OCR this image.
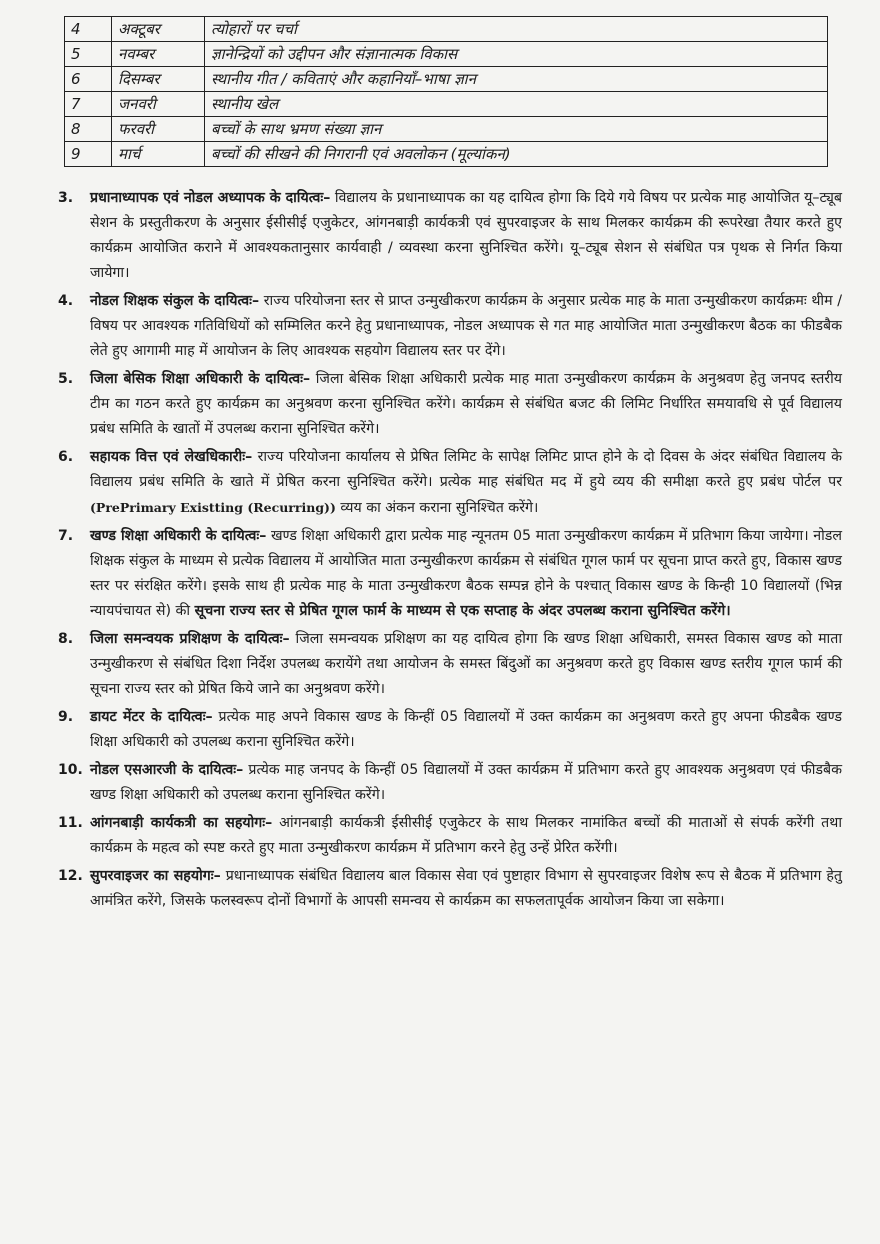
4	अक्टूबर	त्योहारों पर चर्चा
5	नवम्बर	ज्ञानेन्द्रियों को उद्दीपन और संज्ञानात्मक विकास
6	दिसम्बर	स्थानीय गीत / कविताएं और कहानियाँ–भाषा ज्ञान
7	जनवरी	स्थानीय खेल
8	फरवरी	बच्चों के साथ भ्रमण संख्या ज्ञान
9	मार्च	बच्चों की सीखने की निगरानी एवं अवलोकन (मूल्यांकन)
3. प्रधानाध्यापक एवं नोडल अध्यापक के दायित्वः– विद्यालय के प्रधानाध्यापक का यह दायित्व होगा कि दिये गये विषय पर प्रत्येक माह आयोजित यू–ट्यूब सेशन के प्रस्तुतीकरण के अनुसार ईसीसीई एजुकेटर, आंगनबाड़ी कार्यकत्री एवं सुपरवाइजर के साथ मिलकर कार्यक्रम की रूपरेखा तैयार करते हुए कार्यक्रम आयोजित कराने में आवश्यकतानुसार कार्यवाही / व्यवस्था करना सुनिश्चित करेंगे। यू–ट्यूब सेशन से संबंधित पत्र पृथक से निर्गत किया जायेगा।
4. नोडल शिक्षक संकुल के दायित्वः– राज्य परियोजना स्तर से प्राप्त उन्मुखीकरण कार्यक्रम के अनुसार प्रत्येक माह के माता उन्मुखीकरण कार्यक्रमः थीम / विषय पर आवश्यक गतिविधियों को सम्मिलित करने हेतु प्रधानाध्यापक, नोडल अध्यापक से गत माह आयोजित माता उन्मुखीकरण बैठक का फीडबैक लेते हुए आगामी माह में आयोजन के लिए आवश्यक सहयोग विद्यालय स्तर पर देंगे।
5. जिला बेसिक शिक्षा अधिकारी के दायित्वः– जिला बेसिक शिक्षा अधिकारी प्रत्येक माह माता उन्मुखीकरण कार्यक्रम के अनुश्रवण हेतु जनपद स्तरीय टीम का गठन करते हुए कार्यक्रम का अनुश्रवण करना सुनिश्चित करेंगे। कार्यक्रम से संबंधित बजट की लिमिट निर्धारित समयावधि से पूर्व विद्यालय प्रबंध समिति के खातों में उपलब्ध कराना सुनिश्चित करेंगे।
6. सहायक वित्त एवं लेखधिकारीः– राज्य परियोजना कार्यालय से प्रेषित लिमिट के सापेक्ष लिमिट प्राप्त होने के दो दिवस के अंदर संबंधित विद्यालय के विद्यालय प्रबंध समिति के खाते में प्रेषित करना सुनिश्चित करेंगे। प्रत्येक माह संबंधित मद में हुये व्यय की समीक्षा करते हुए प्रबंध पोर्टल पर (PrePrimary Existting (Recurring)) व्यय का अंकन कराना सुनिश्चित करेंगे।
7. खण्ड शिक्षा अधिकारी के दायित्वः– खण्ड शिक्षा अधिकारी द्वारा प्रत्येक माह न्यूनतम 05 माता उन्मुखीकरण कार्यक्रम में प्रतिभाग किया जायेगा। नोडल शिक्षक संकुल के माध्यम से प्रत्येक विद्यालय में आयोजित माता उन्मुखीकरण कार्यक्रम से संबंधित गूगल फार्म पर सूचना प्राप्त करते हुए, विकास खण्ड स्तर पर संरक्षित करेंगे। इसके साथ ही प्रत्येक माह के माता उन्मुखीकरण बैठक सम्पन्न होने के पश्चात् विकास खण्ड के किन्ही 10 विद्यालयों (भिन्न न्यायपंचायत से) की सूचना राज्य स्तर से प्रेषित गूगल फार्म के माध्यम से एक सप्ताह के अंदर उपलब्ध कराना सुनिश्चित करेंगे।
8. जिला समन्वयक प्रशिक्षण के दायित्वः– जिला समन्वयक प्रशिक्षण का यह दायित्व होगा कि खण्ड शिक्षा अधिकारी, समस्त विकास खण्ड को माता उन्मुखीकरण से संबंधित दिशा निर्देश उपलब्ध करायेंगे तथा आयोजन के समस्त बिंदुओं का अनुश्रवण करते हुए विकास खण्ड स्तरीय गूगल फार्म की सूचना राज्य स्तर को प्रेषित किये जाने का अनुश्रवण करेंगे।
9. डायट मेंटर के दायित्वः– प्रत्येक माह अपने विकास खण्ड के किन्हीं 05 विद्यालयों में उक्त कार्यक्रम का अनुश्रवण करते हुए अपना फीडबैक खण्ड शिक्षा अधिकारी को उपलब्ध कराना सुनिश्चित करेंगे।
10. नोडल एसआरजी के दायित्वः– प्रत्येक माह जनपद के किन्हीं 05 विद्यालयों में उक्त कार्यक्रम में प्रतिभाग करते हुए आवश्यक अनुश्रवण एवं फीडबैक खण्ड शिक्षा अधिकारी को उपलब्ध कराना सुनिश्चित करेंगे।
11. आंगनबाड़ी कार्यकत्री का सहयोगः– आंगनबाड़ी कार्यकत्री ईसीसीई एजुकेटर के साथ मिलकर नामांकित बच्चों की माताओं से संपर्क करेंगी तथा कार्यक्रम के महत्व को स्पष्ट करते हुए माता उन्मुखीकरण कार्यक्रम में प्रतिभाग करने हेतु उन्हें प्रेरित करेंगी।
12. सुपरवाइजर का सहयोगः– प्रधानाध्यापक संबंधित विद्यालय बाल विकास सेवा एवं पुष्टाहार विभाग से सुपरवाइजर विशेष रूप से बैठक में प्रतिभाग हेतु आमंत्रित करेंगे, जिसके फलस्वरूप दोनों विभागों के आपसी समन्वय से कार्यक्रम का सफलतापूर्वक आयोजन किया जा सकेगा।
